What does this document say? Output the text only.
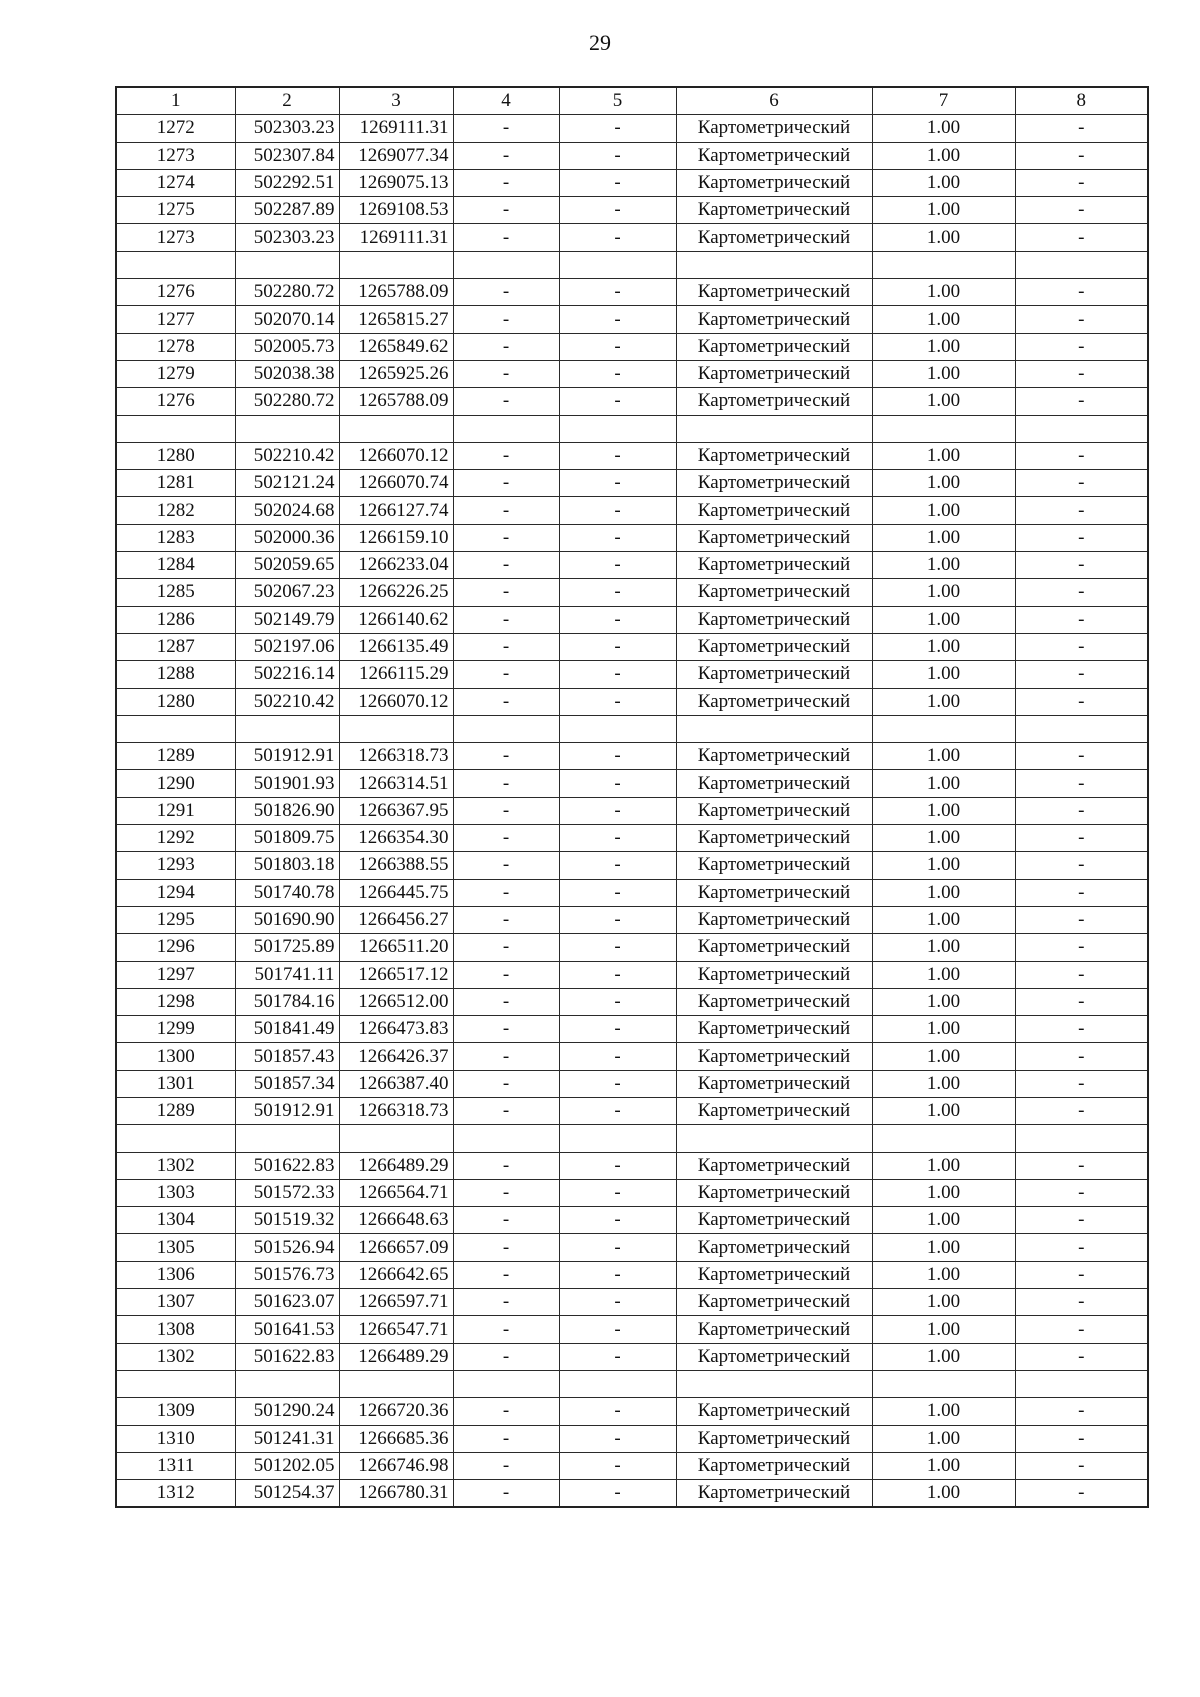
29
1	2	3	4	5	6	7	8
1272	502303.23	1269111.31	-	-	Картометрический	1.00	-
1273	502307.84	1269077.34	-	-	Картометрический	1.00	-
1274	502292.51	1269075.13	-	-	Картометрический	1.00	-
1275	502287.89	1269108.53	-	-	Картометрический	1.00	-
1273	502303.23	1269111.31	-	-	Картометрический	1.00	-

1276	502280.72	1265788.09	-	-	Картометрический	1.00	-
1277	502070.14	1265815.27	-	-	Картометрический	1.00	-
1278	502005.73	1265849.62	-	-	Картометрический	1.00	-
1279	502038.38	1265925.26	-	-	Картометрический	1.00	-
1276	502280.72	1265788.09	-	-	Картометрический	1.00	-

1280	502210.42	1266070.12	-	-	Картометрический	1.00	-
1281	502121.24	1266070.74	-	-	Картометрический	1.00	-
1282	502024.68	1266127.74	-	-	Картометрический	1.00	-
1283	502000.36	1266159.10	-	-	Картометрический	1.00	-
1284	502059.65	1266233.04	-	-	Картометрический	1.00	-
1285	502067.23	1266226.25	-	-	Картометрический	1.00	-
1286	502149.79	1266140.62	-	-	Картометрический	1.00	-
1287	502197.06	1266135.49	-	-	Картометрический	1.00	-
1288	502216.14	1266115.29	-	-	Картометрический	1.00	-
1280	502210.42	1266070.12	-	-	Картометрический	1.00	-

1289	501912.91	1266318.73	-	-	Картометрический	1.00	-
1290	501901.93	1266314.51	-	-	Картометрический	1.00	-
1291	501826.90	1266367.95	-	-	Картометрический	1.00	-
1292	501809.75	1266354.30	-	-	Картометрический	1.00	-
1293	501803.18	1266388.55	-	-	Картометрический	1.00	-
1294	501740.78	1266445.75	-	-	Картометрический	1.00	-
1295	501690.90	1266456.27	-	-	Картометрический	1.00	-
1296	501725.89	1266511.20	-	-	Картометрический	1.00	-
1297	501741.11	1266517.12	-	-	Картометрический	1.00	-
1298	501784.16	1266512.00	-	-	Картометрический	1.00	-
1299	501841.49	1266473.83	-	-	Картометрический	1.00	-
1300	501857.43	1266426.37	-	-	Картометрический	1.00	-
1301	501857.34	1266387.40	-	-	Картометрический	1.00	-
1289	501912.91	1266318.73	-	-	Картометрический	1.00	-

1302	501622.83	1266489.29	-	-	Картометрический	1.00	-
1303	501572.33	1266564.71	-	-	Картометрический	1.00	-
1304	501519.32	1266648.63	-	-	Картометрический	1.00	-
1305	501526.94	1266657.09	-	-	Картометрический	1.00	-
1306	501576.73	1266642.65	-	-	Картометрический	1.00	-
1307	501623.07	1266597.71	-	-	Картометрический	1.00	-
1308	501641.53	1266547.71	-	-	Картометрический	1.00	-
1302	501622.83	1266489.29	-	-	Картометрический	1.00	-

1309	501290.24	1266720.36	-	-	Картометрический	1.00	-
1310	501241.31	1266685.36	-	-	Картометрический	1.00	-
1311	501202.05	1266746.98	-	-	Картометрический	1.00	-
1312	501254.37	1266780.31	-	-	Картометрический	1.00	-
